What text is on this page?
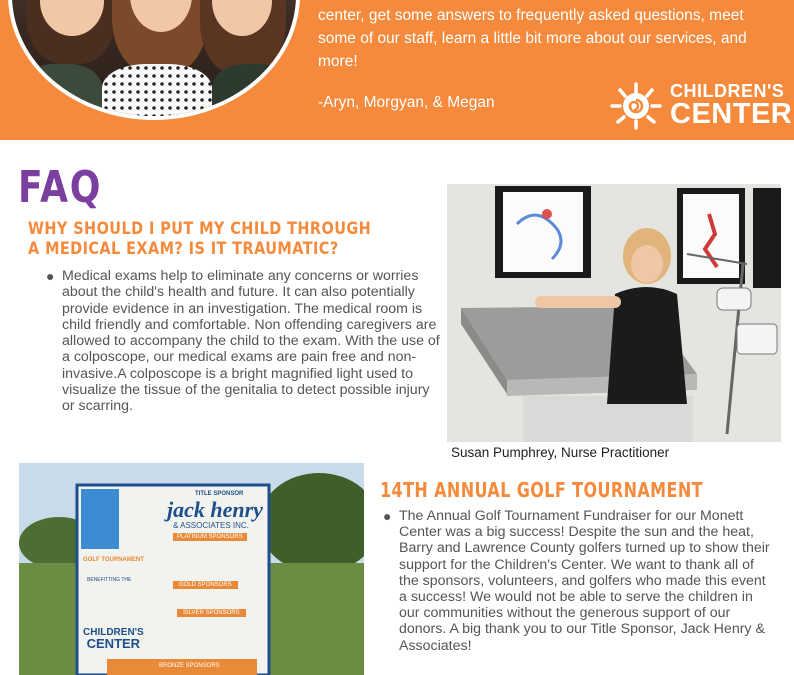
center, get some answers to frequently asked questions, meet some of our staff, learn a little bit more about our services, and more!

-Aryn, Morgyan, & Megan
CHILDREN'S
CENTER
FAQ
WHY SHOULD I PUT MY CHILD THROUGH A MEDICAL EXAM? IS IT TRAUMATIC?
● Medical exams help to eliminate any concerns or worries about the child's health and future. It can also potentially provide evidence in an investigation. The medical room is child friendly and comfortable. Non offending caregivers are allowed to accompany the child to the exam. With the use of a colposcope, our medical exams are pain free and non-invasive.A colposcope is a bright magnified light used to visualize the tissue of the genitalia to detect possible injury or scarring.
Susan Pumphrey, Nurse Practitioner
TITLE SPONSOR
jack henry
& ASSOCIATES INC.
PLATINUM SPONSORS
GOLF TOURNAMENT
BENEFITTING THE
GOLD SPONSORS
SILVER SPONSORS
CHILDREN'S
CENTER
BRONZE SPONSORS
14TH ANNUAL GOLF TOURNAMENT
● The Annual Golf Tournament Fundraiser for our Monett Center was a big success! Despite the sun and the heat, Barry and Lawrence County golfers turned up to show their support for the Children's Center. We want to thank all of the sponsors, volunteers, and golfers who made this event a success! We would not be able to serve the children in our communities without the generous support of our donors. A big thank you to our Title Sponsor, Jack Henry & Associates!
